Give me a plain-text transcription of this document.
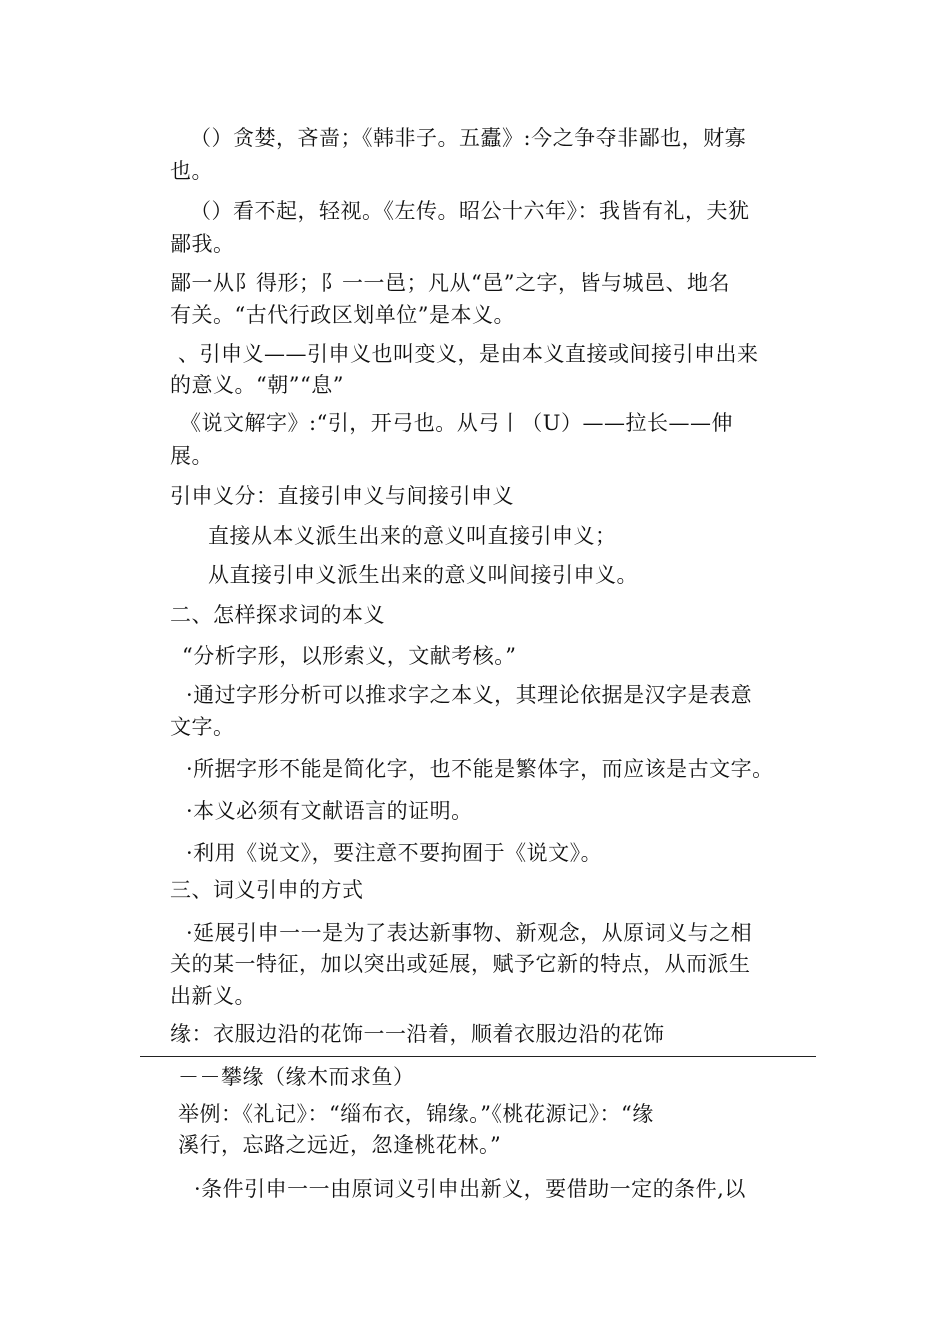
（）贪婪，吝啬；《韩非子。五蠹》:今之争夺非鄙也，财寡
也。
（）看不起，轻视。《左传。昭公十六年》：我皆有礼，夫犹
鄙我。
鄙一从阝得形；阝一一邑；凡从“邑”之字，皆与城邑、地名
有关。“古代行政区划单位”是本义。
、引申义——引申义也叫变义，是由本义直接或间接引申出来
的意义。“朝”“息”
《说文解字》:“引，开弓也。从弓丨（U）——拉长——伸
展。
引申义分：直接引申义与间接引申义
直接从本义派生出来的意义叫直接引申义；
从直接引申义派生出来的意义叫间接引申义。
二、怎样探求词的本义
“分析字形，以形索义，文献考核。”
·通过字形分析可以推求字之本义，其理论依据是汉字是表意
文字。
·所据字形不能是简化字，也不能是繁体字，而应该是古文字。
·本义必须有文献语言的证明。
·利用《说文》，要注意不要拘囿于《说文》。
三、词义引申的方式
·延展引申一一是为了表达新事物、新观念，从原词义与之相
关的某一特征，加以突出或延展，赋予它新的特点，从而派生
出新义。
缘：衣服边沿的花饰一一沿着，顺着衣服边沿的花饰
－－攀缘（缘木而求鱼）
举例：《礼记》：“缁布衣，锦缘。”《桃花源记》：“缘
溪行，忘路之远近，忽逢桃花林。”
·条件引申一一由原词义引申出新义，要借助一定的条件,以
